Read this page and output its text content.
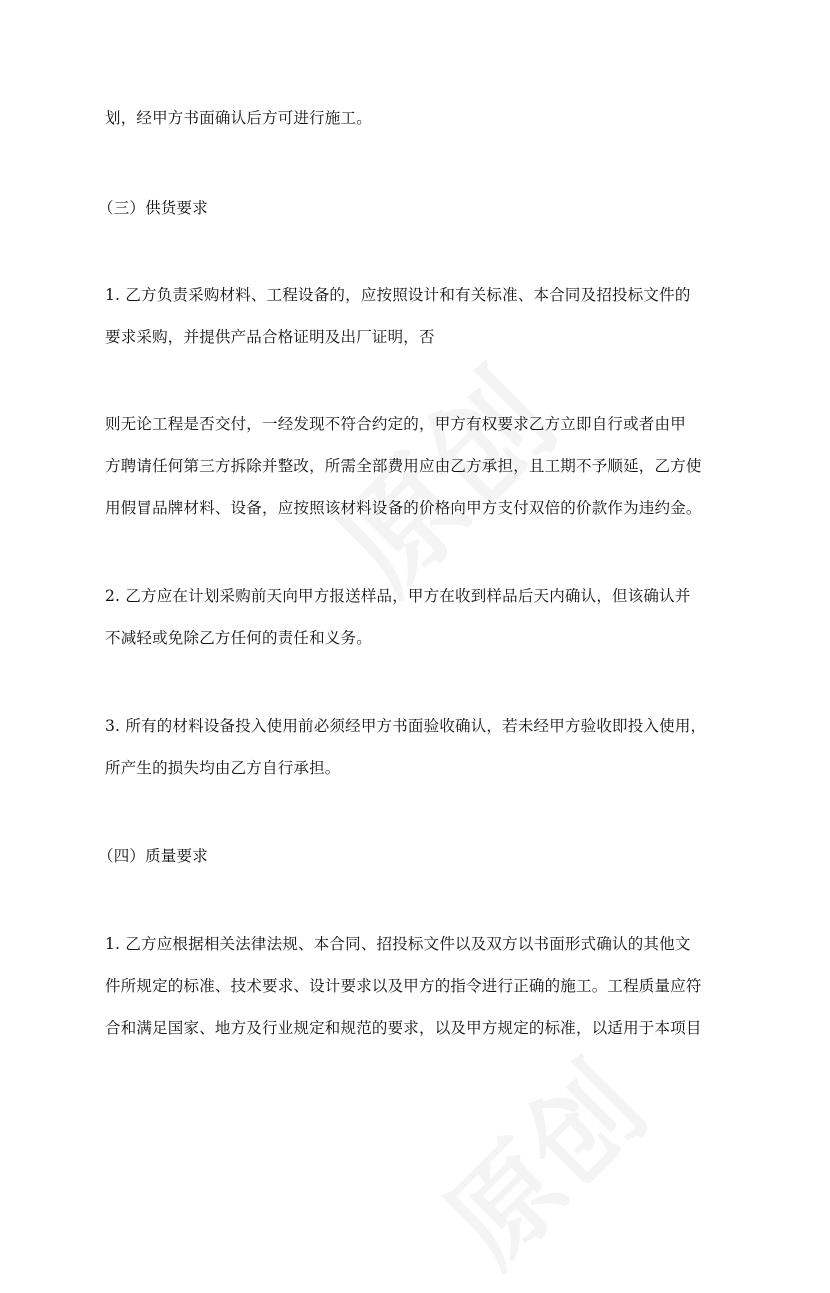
划，经甲方书面确认后方可进行施工。
（三）供货要求
1. 乙方负责采购材料、工程设备的，应按照设计和有关标准、本合同及招投标文件的
要求采购，并提供产品合格证明及出厂证明，否
则无论工程是否交付，一经发现不符合约定的，甲方有权要求乙方立即自行或者由甲
方聘请任何第三方拆除并整改，所需全部费用应由乙方承担，且工期不予顺延，乙方使
用假冒品牌材料、设备，应按照该材料设备的价格向甲方支付双倍的价款作为违约金。
2. 乙方应在计划采购前天向甲方报送样品，甲方在收到样品后天内确认，但该确认并
不减轻或免除乙方任何的责任和义务。
3. 所有的材料设备投入使用前必须经甲方书面验收确认，若未经甲方验收即投入使用，
所产生的损失均由乙方自行承担。
（四）质量要求
1. 乙方应根据相关法律法规、本合同、招投标文件以及双方以书面形式确认的其他文
件所规定的标准、技术要求、设计要求以及甲方的指令进行正确的施工。工程质量应符
合和满足国家、地方及行业规定和规范的要求，以及甲方规定的标准，以适用于本项目
